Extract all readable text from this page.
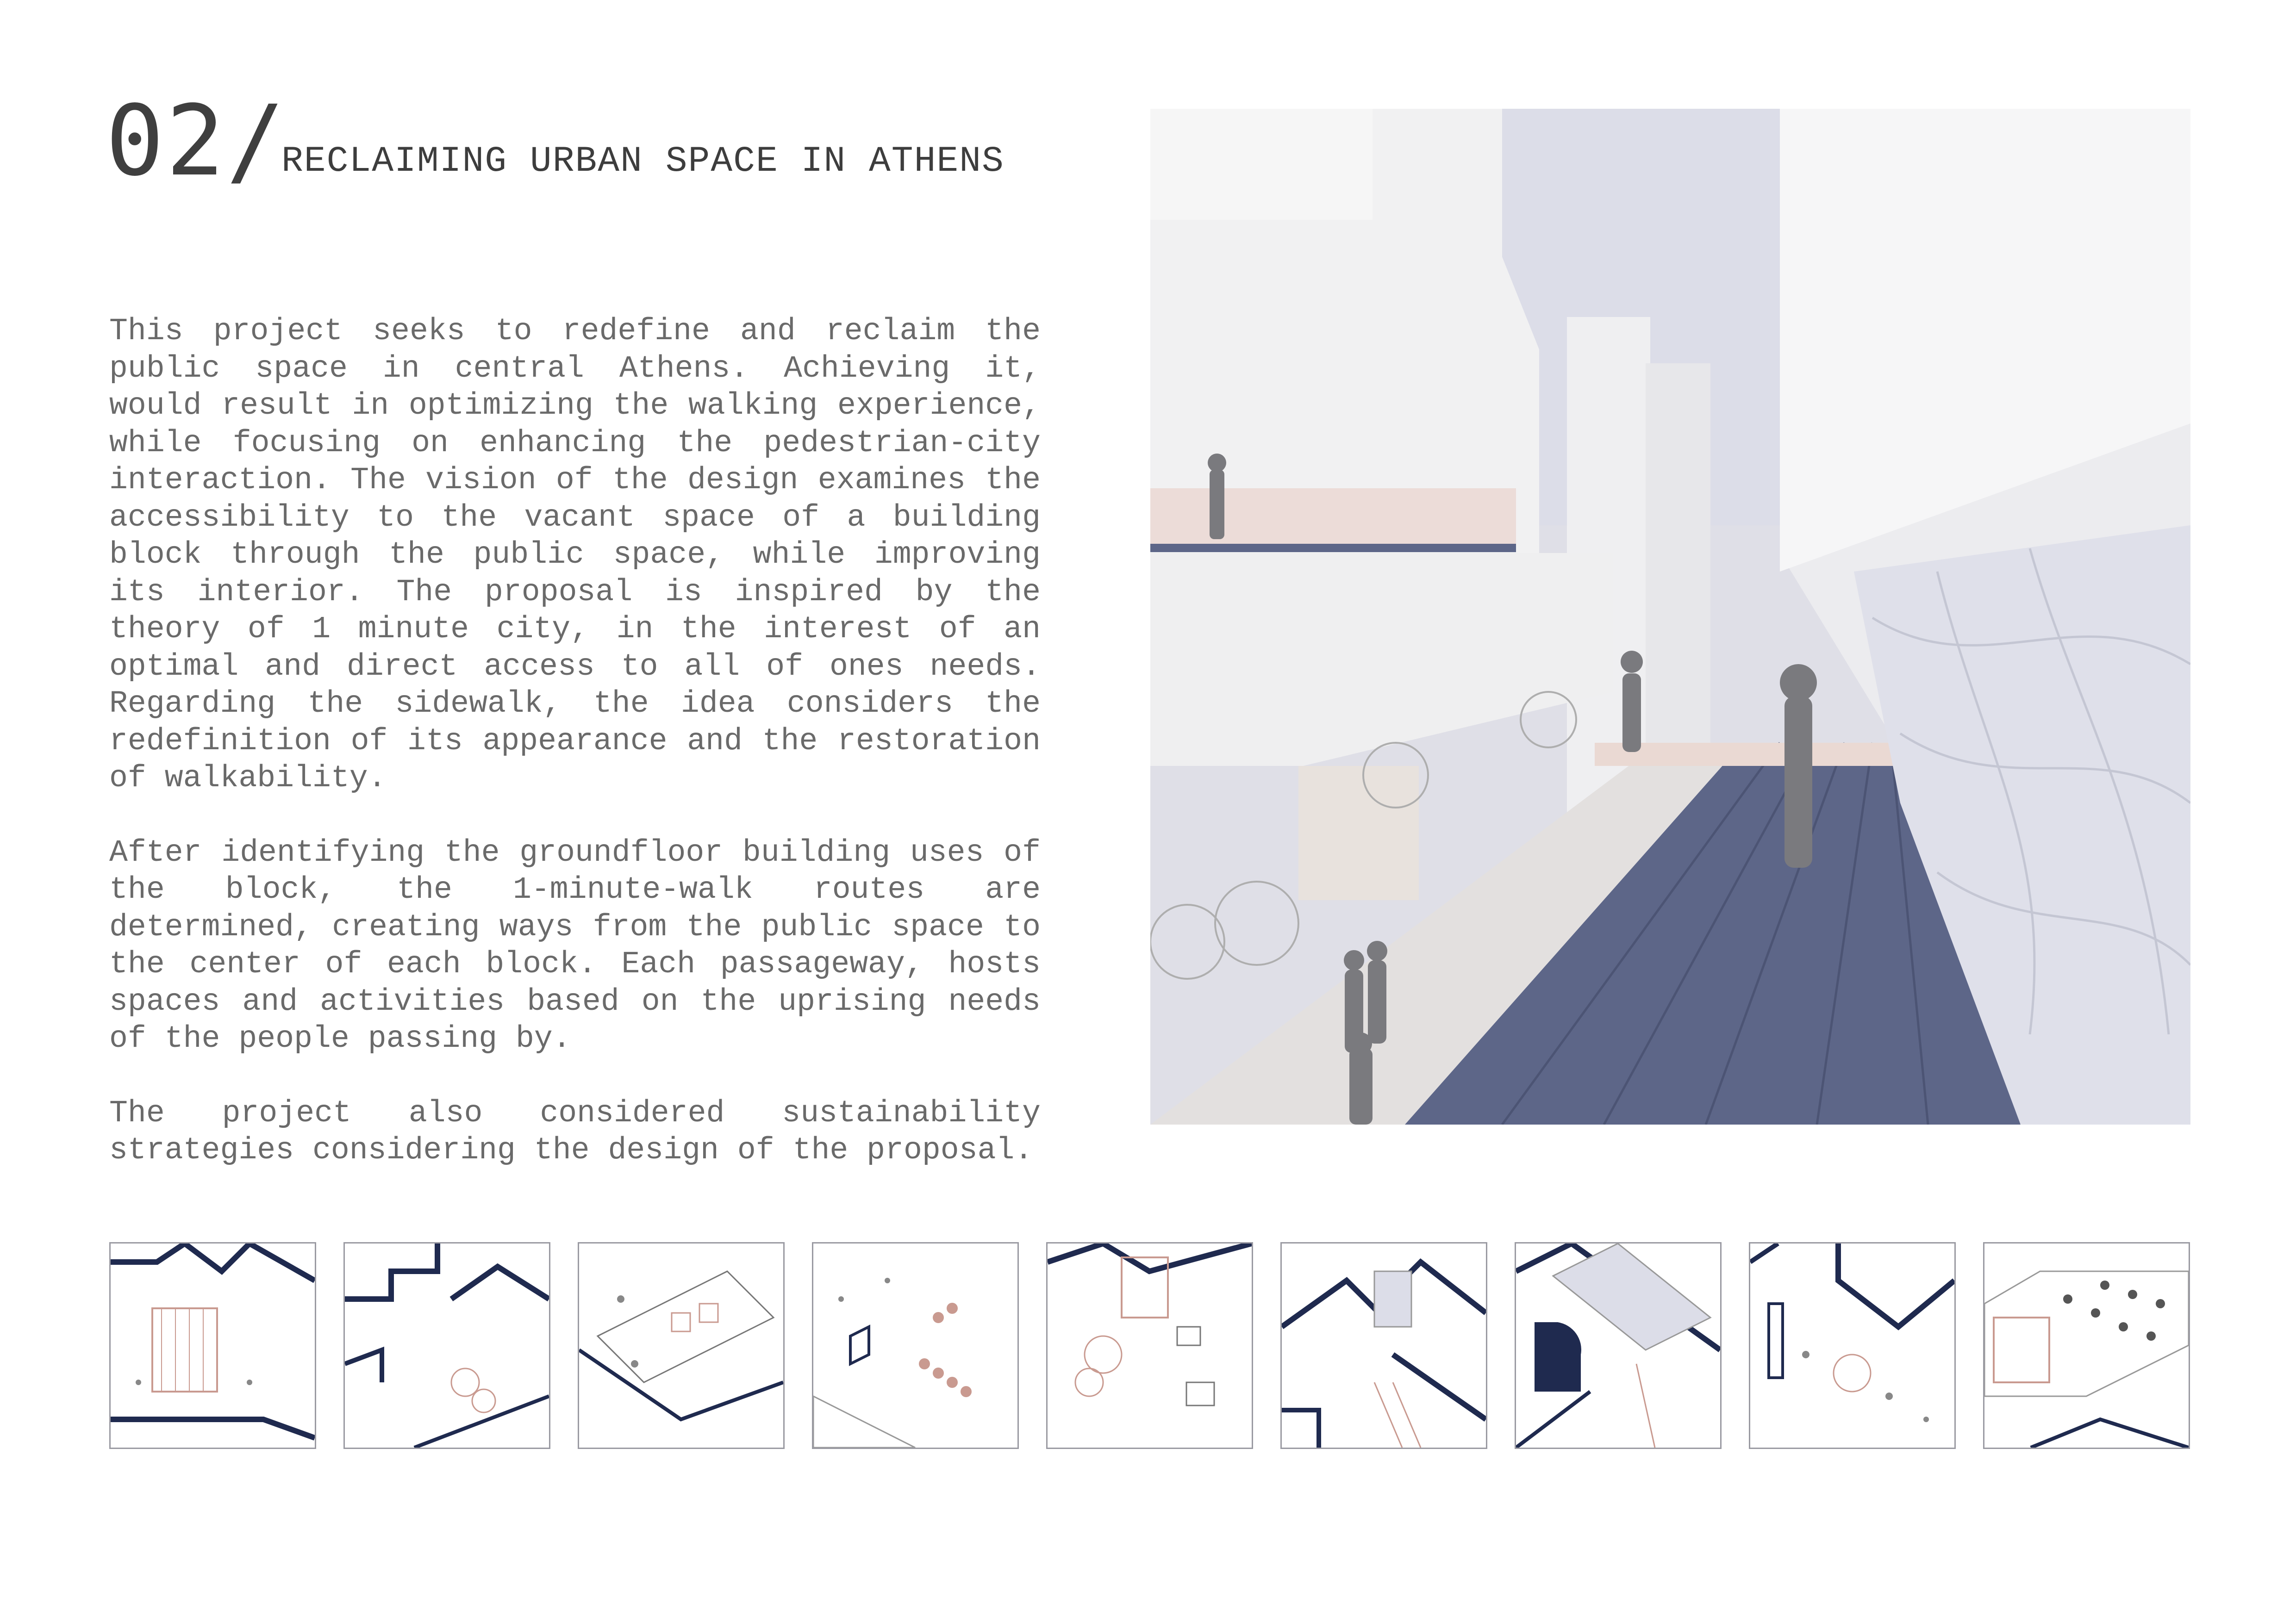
02/
RECLAIMING URBAN SPACE IN ATHENS

This project seeks to redefine and reclaim the public space in central Athens. Achieving it, would result in optimizing the walking experience, while focusing on enhancing the pedestrian-city interaction. The vision of the design examines the accessibility to the vacant space of a building block through the public space, while improving its interior. The proposal is inspired by the theory of 1 minute city, in the interest of an optimal and direct access to all of ones needs. Regarding the sidewalk, the idea considers the redefinition of its appearance and the restoration of walkability.

After identifying the groundfloor building uses of the block, the 1-minute-walk routes are determined, creating ways from the public space to the center of each block. Each passageway, hosts spaces and activities based on the uprising needs of the people passing by.

The project also considered sustainability strategies considering the design of the proposal.
